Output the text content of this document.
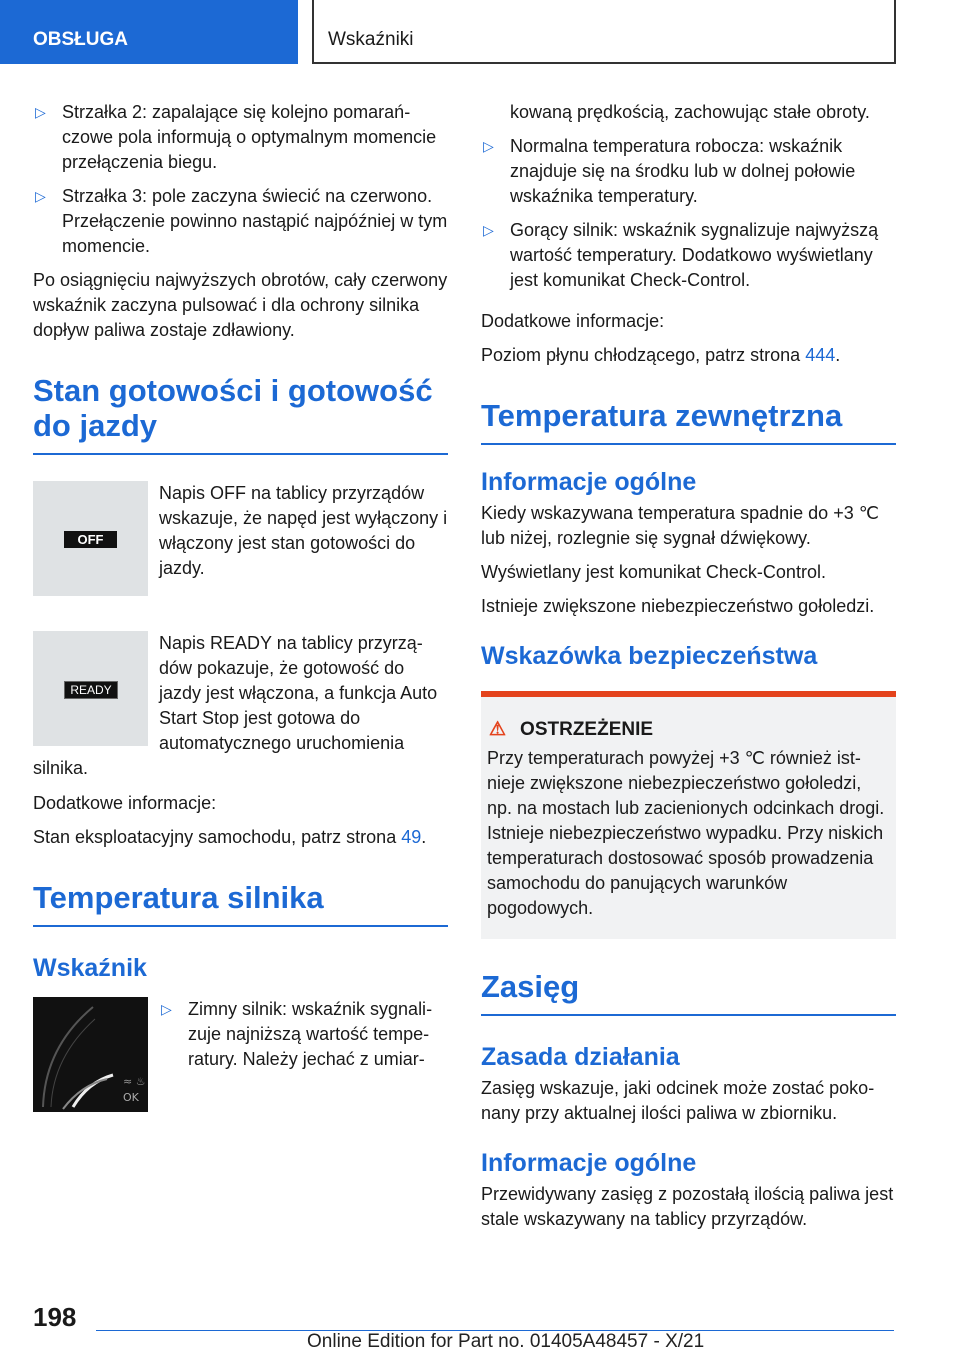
OBSŁUGA	Wskaźniki
▷ Strzałka 2: zapalające się kolejno pomarańczowe pola informują o optymalnym momencie przełączenia biegu.
▷ Strzałka 3: pole zaczyna świecić na czerwono. Przełączenie powinno nastąpić najpóźniej w tym momencie.

Po osiągnięciu najwyższych obrotów, cały czerwony wskaźnik zaczyna pulsować i dla ochrony silnika dopływ paliwa zostaje zdławiony.

Stan gotowości i gotowość do jazdy
OFF
Napis OFF na tablicy przyrządów wskazuje, że napęd jest wyłączony i włączony jest stan gotowości do jazdy.
READY
Napis READY na tablicy przyrządów pokazuje, że gotowość do jazdy jest włączona, a funkcja Auto Start Stop jest gotowa do automatycznego uruchomienia silnika.

Dodatkowe informacje:

Stan eksploatacyjny samochodu, patrz strona 49.

Temperatura silnika
Wskaźnik
≈ ♨
OK
▷ Zimny silnik: wskaźnik sygnalizuje najniższą wartość temperatury. Należy jechać z umiar-
kowaną prędkością, zachowując stałe obroty.
▷ Normalna temperatura robocza: wskaźnik znajduje się na środku lub w dolnej połowie wskaźnika temperatury.
▷ Gorący silnik: wskaźnik sygnalizuje najwyższą wartość temperatury. Dodatkowo wyświetlany jest komunikat Check-Control.

Dodatkowe informacje:

Poziom płynu chłodzącego, patrz strona 444.

Temperatura zewnętrzna
Informacje ogólne

Kiedy wskazywana temperatura spadnie do +3 ℃ lub niżej, rozlegnie się sygnał dźwiękowy.

Wyświetlany jest komunikat Check-Control.

Istnieje zwiększone niebezpieczeństwo gołoledzi.

Wskazówka bezpieczeństwa
⚠ OSTRZEŻENIE
Przy temperaturach powyżej +3 ℃ również istnieje zwiększone niebezpieczeństwo gołoledzi, np. na mostach lub zacienionych odcinkach drogi. Istnieje niebezpieczeństwo wypadku. Przy niskich temperaturach dostosować sposób prowadzenia samochodu do panujących warunków pogodowych.
Zasięg
Zasada działania

Zasięg wskazuje, jaki odcinek może zostać pokonany przy aktualnej ilości paliwa w zbiorniku.

Informacje ogólne

Przewidywany zasięg z pozostałą ilością paliwa jest stale wskazywany na tablicy przyrządów.

198
Online Edition for Part no. 01405A48457 - X/21
